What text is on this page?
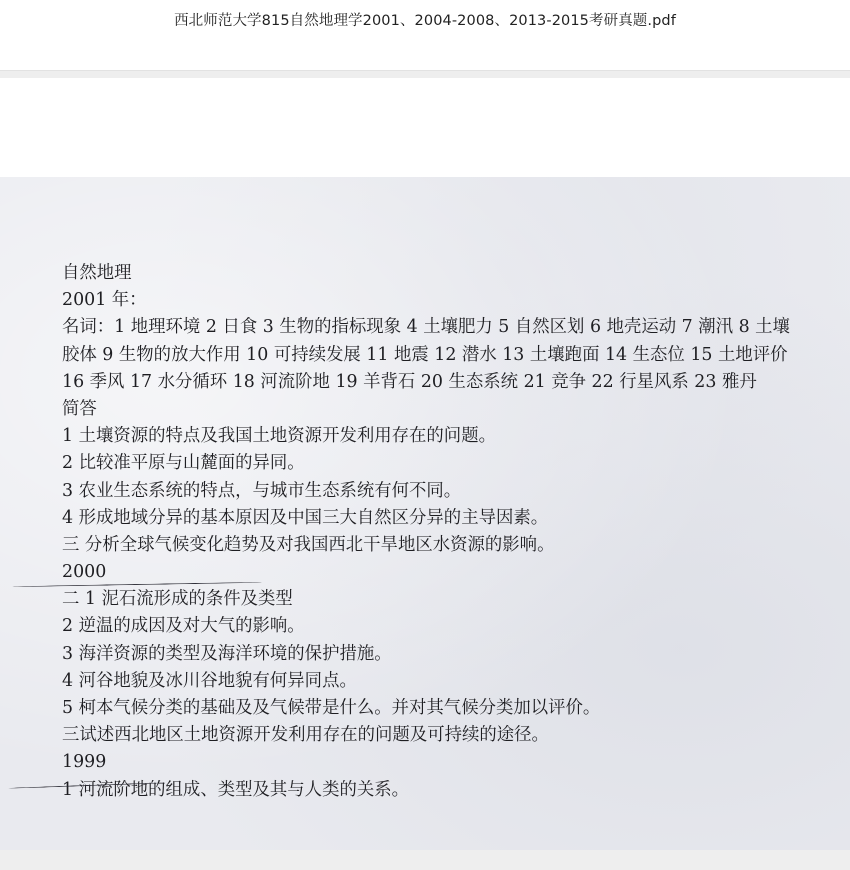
西北师范大学815自然地理学2001、2004-2008、2013-2015考研真题.pdf
自然地理
2001 年：
名词：1 地理环境 2 日食 3 生物的指标现象 4 土壤肥力 5 自然区划 6 地壳运动 7 潮汛 8 土壤
胶体 9 生物的放大作用 10 可持续发展 11 地震 12 潜水 13 土壤跑面 14 生态位 15 土地评价
16 季风 17 水分循环 18 河流阶地 19 羊背石 20 生态系统 21 竞争 22 行星风系 23 雅丹
简答
1 土壤资源的特点及我国土地资源开发利用存在的问题。
2 比较准平原与山麓面的异同。
3 农业生态系统的特点，与城市生态系统有何不同。
4 形成地域分异的基本原因及中国三大自然区分异的主导因素。
三 分析全球气候变化趋势及对我国西北干旱地区水资源的影响。
2000
二 1 泥石流形成的条件及类型
2 逆温的成因及对大气的影响。
3 海洋资源的类型及海洋环境的保护措施。
4 河谷地貌及冰川谷地貌有何异同点。
5 柯本气候分类的基础及及气候带是什么。并对其气候分类加以评价。
三试述西北地区土地资源开发利用存在的问题及可持续的途径。
1999
1 河流阶地的组成、类型及其与人类的关系。
